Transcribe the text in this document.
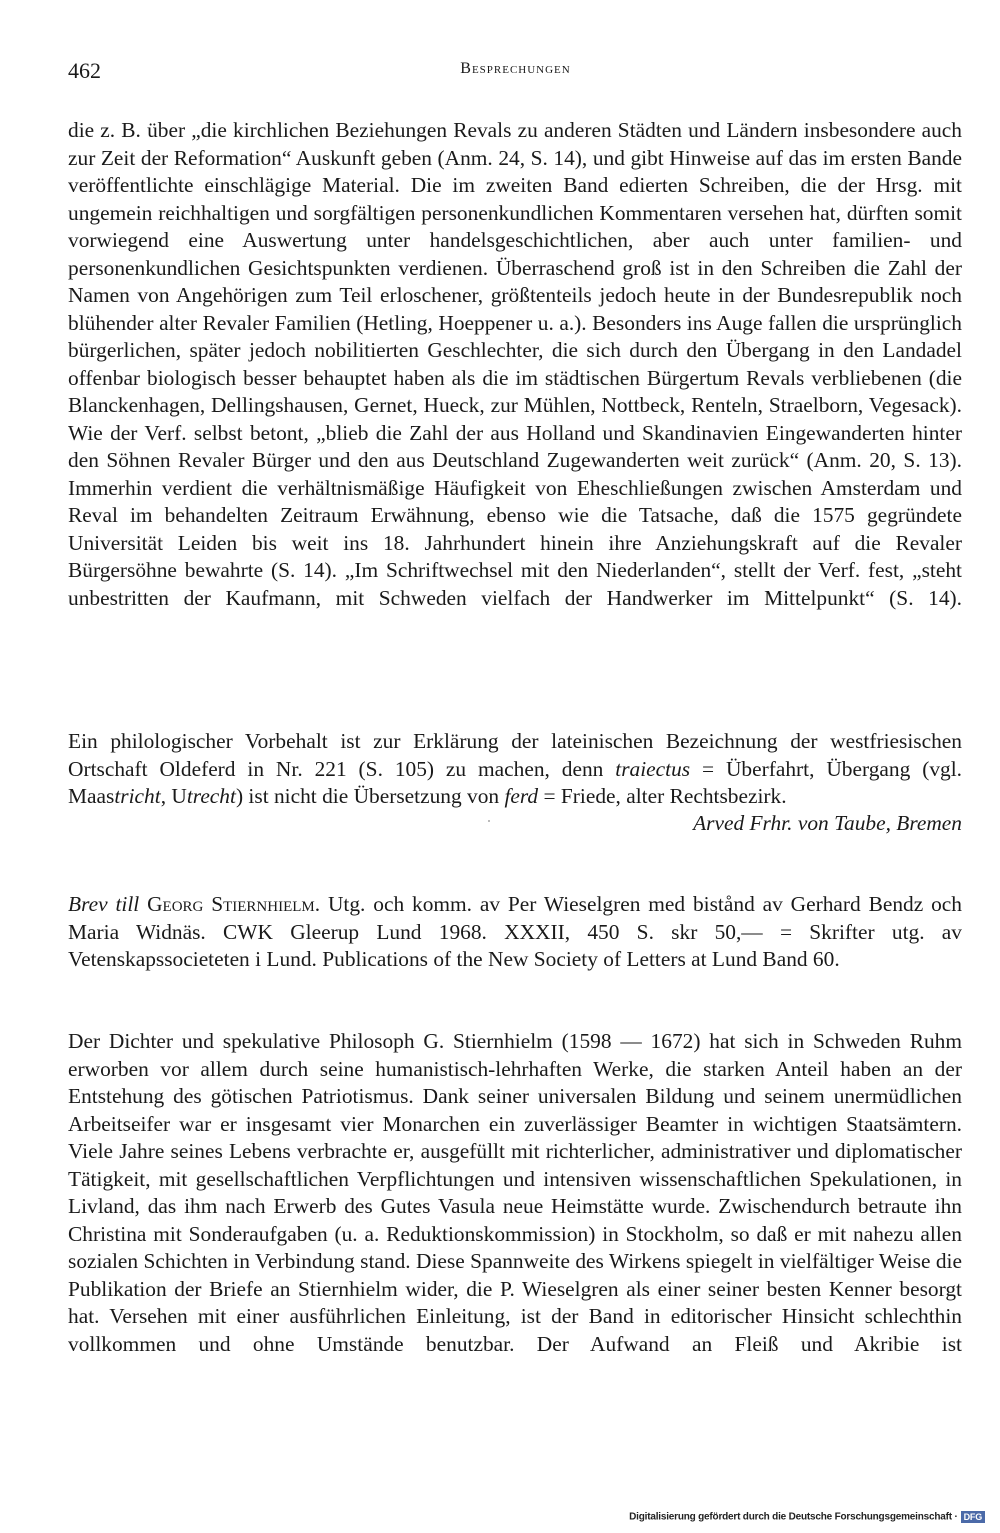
462	Besprechungen

die z. B. über „die kirchlichen Beziehungen Revals zu anderen Städten und Ländern insbesondere auch zur Zeit der Reformation“ Auskunft geben (Anm. 24, S. 14), und gibt Hinweise auf das im ersten Bande veröffentlichte einschlägige Material. Die im zweiten Band edierten Schreiben, die der Hrsg. mit ungemein reichhaltigen und sorgfältigen personenkundlichen Kommentaren versehen hat, dürften somit vorwiegend eine Auswertung unter handelsgeschichtlichen, aber auch unter familien- und personenkundlichen Gesichtspunkten verdienen. Überraschend groß ist in den Schreiben die Zahl der Namen von Angehörigen zum Teil erloschener, größtenteils jedoch heute in der Bundesrepublik noch blühender alter Revaler Familien (Hetling, Hoeppener u. a.). Besonders ins Auge fallen die ursprünglich bürgerlichen, später jedoch nobilitierten Geschlechter, die sich durch den Übergang in den Landadel offenbar biologisch besser behauptet haben als die im städtischen Bürgertum Revals verbliebenen (die Blanckenhagen, Dellingshausen, Gernet, Hueck, zur Mühlen, Nottbeck, Renteln, Straelborn, Vegesack). Wie der Verf. selbst betont, „blieb die Zahl der aus Holland und Skandinavien Eingewanderten hinter den Söhnen Revaler Bürger und den aus Deutschland Zugewanderten weit zurück“ (Anm. 20, S. 13). Immerhin verdient die verhältnismäßige Häufigkeit von Eheschließungen zwischen Amsterdam und Reval im behandelten Zeitraum Erwähnung, ebenso wie die Tatsache, daß die 1575 gegründete Universität Leiden bis weit ins 18. Jahrhundert hinein ihre Anziehungskraft auf die Revaler Bürgersöhne bewahrte (S. 14). „Im Schriftwechsel mit den Niederlanden“, stellt der Verf. fest, „steht unbestritten der Kaufmann, mit Schweden vielfach der Handwerker im Mittelpunkt“ (S. 14).

Ein philologischer Vorbehalt ist zur Erklärung der lateinischen Bezeichnung der westfriesischen Ortschaft Oldeferd in Nr. 221 (S. 105) zu machen, denn traiectus = Überfahrt, Übergang (vgl. Maastricht, Utrecht) ist nicht die Übersetzung von ferd = Friede, alter Rechtsbezirk.

Arved Frhr. von Taube, Bremen

Brev till Georg Stiernhielm. Utg. och komm. av Per Wieselgren med bistånd av Gerhard Bendz och Maria Widnäs. CWK Gleerup Lund 1968. XXXII, 450 S. skr 50,— = Skrifter utg. av Vetenskapssocieteten i Lund. Publications of the New Society of Letters at Lund Band 60.

Der Dichter und spekulative Philosoph G. Stiernhielm (1598 — 1672) hat sich in Schweden Ruhm erworben vor allem durch seine humanistisch-lehrhaften Werke, die starken Anteil haben an der Entstehung des götischen Patriotismus. Dank seiner universalen Bildung und seinem unermüdlichen Arbeitseifer war er insgesamt vier Monarchen ein zuverlässiger Beamter in wichtigen Staatsämtern. Viele Jahre seines Lebens verbrachte er, ausgefüllt mit richterlicher, administrativer und diplomatischer Tätigkeit, mit gesellschaftlichen Verpflichtungen und intensiven wissenschaftlichen Spekulationen, in Livland, das ihm nach Erwerb des Gutes Vasula neue Heimstätte wurde. Zwischendurch betraute ihn Christina mit Sonderaufgaben (u. a. Reduktionskommission) in Stockholm, so daß er mit nahezu allen sozialen Schichten in Verbindung stand. Diese Spannweite des Wirkens spiegelt in vielfältiger Weise die Publikation der Briefe an Stiernhielm wider, die P. Wieselgren als einer seiner besten Kenner besorgt hat. Versehen mit einer ausführlichen Einleitung, ist der Band in editorischer Hinsicht schlechthin vollkommen und ohne Umstände benutzbar. Der Aufwand an Fleiß und Akribie ist

Digitalisierung gefördert durch die Deutsche Forschungsgemeinschaft · DFG
